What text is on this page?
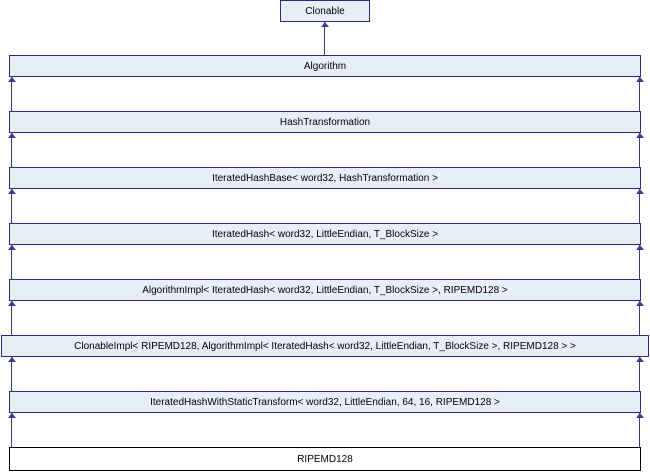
Clonable
Algorithm
HashTransformation
IteratedHashBase< word32, HashTransformation >
IteratedHash< word32, LittleEndian, T_BlockSize >
AlgorithmImpl< IteratedHash< word32, LittleEndian, T_BlockSize >, RIPEMD128 >
ClonableImpl< RIPEMD128, AlgorithmImpl< IteratedHash< word32, LittleEndian, T_BlockSize >, RIPEMD128 > >
IteratedHashWithStaticTransform< word32, LittleEndian, 64, 16, RIPEMD128 >
RIPEMD128
